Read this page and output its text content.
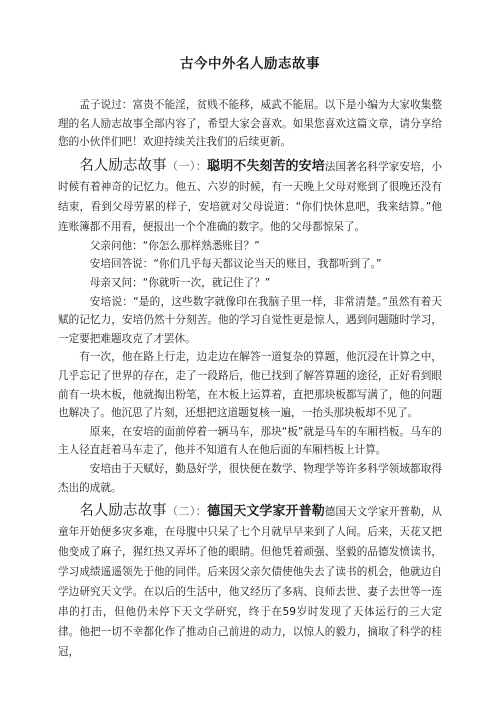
古今中外名人励志故事

孟子说过：富贵不能淫，贫贱不能移，威武不能屈。以下是小编为大家收集整理的名人励志故事全部内容了，希望大家会喜欢。如果您喜欢这篇文章，请分享给您的小伙伴们吧！欢迎持续关注我们的后续更新。

名人励志故事（一）：聪明不失刻苦的安培法国著名科学家安培，小时候有着神奇的记忆力。他五、六岁的时候，有一天晚上父母对账到了很晚还没有结束，看到父母劳累的样子，安培就对父母说道：“你们快休息吧，我来结算。”他连账簿都不用看，便报出一个个准确的数字。他的父母都惊呆了。

父亲问他：“你怎么那样熟悉账目？”

安培回答说：“你们几乎每天都议论当天的账目，我都听到了。”

母亲又问：“你就听一次，就记住了？”

安培说：“是的，这些数字就像印在我脑子里一样，非常清楚。”虽然有着天赋的记忆力，安培仍然十分刻苦。他的学习自觉性更是惊人，遇到问题随时学习，一定要把难题攻克了才罢休。

有一次，他在路上行走，边走边在解答一道复杂的算题，他沉浸在计算之中，几乎忘记了世界的存在，走了一段路后，他已找到了解答算题的途径，正好看到眼前有一块木板，他就掏出粉笔，在木板上运算着，直把那块板都写满了，他的问题也解决了。他沉思了片刻，还想把这道题复核一遍，一抬头那块板却不见了。

原来，在安培的面前停着一辆马车，那块“板”就是马车的车厢档板。马车的主人径直赶着马车走了，他并不知道有人在他后面的车厢档板上计算。

安培由于天赋好，勤恳好学，很快便在数学、物理学等许多科学领域都取得杰出的成就。

名人励志故事（二）：德国天文学家开普勒德国天文学家开普勒，从童年开始便多灾多难，在母腹中只呆了七个月就早早来到了人间。后来，天花又把他变成了麻子，猩红热又弄坏了他的眼睛。但他凭着顽强、坚毅的品德发愤读书，学习成绩遥遥领先于他的同伴。后来因父亲欠债使他失去了读书的机会，他就边自学边研究天文学。在以后的生活中，他又经历了多病、良师去世、妻子去世等一连串的打击，但他仍未停下天文学研究，终于在59岁时发现了天体运行的三大定律。他把一切不幸都化作了推动自己前进的动力，以惊人的毅力，摘取了科学的桂冠，
